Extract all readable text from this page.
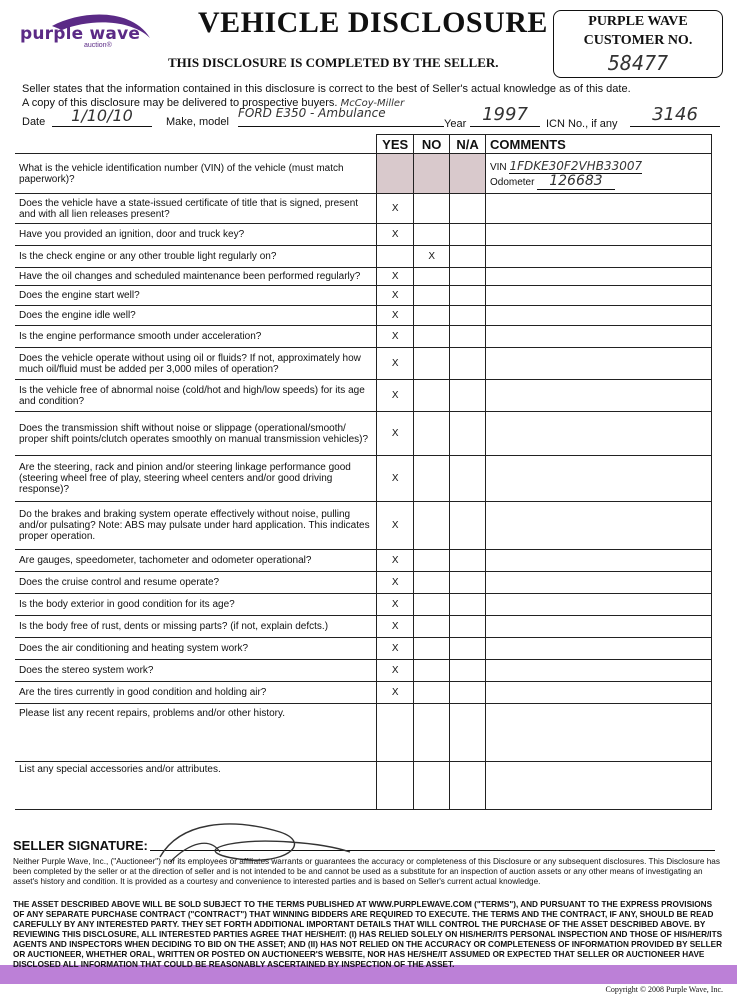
purple wave
auction®
VEHICLE DISCLOSURE
THIS DISCLOSURE IS COMPLETED BY THE SELLER.
PURPLE WAVE
CUSTOMER NO.
58477
Seller states that the information contained in this disclosure is correct to the best of Seller's actual knowledge as of this date.
A copy of this disclosure may be delivered to prospective buyers. McCoy-Miller
Date	1/10/10	Make, model
FORD E350 - Ambulance
Year 1997	ICN No., if any	3146
	YES	NO	N/A	COMMENTS
What is the vehicle identification number (VIN) of the vehicle (must match paperwork)?				VIN 1FDKE30F2VHB33007
Odometer 126683

Does the vehicle have a state-issued certificate of title that is signed, present and with all lien releases present?	X			
Have you provided an ignition, door and truck key?	X			
Is the check engine or any other trouble light regularly on?		X		
Have the oil changes and scheduled maintenance been performed regularly?	X			
Does the engine start well?	X			
Does the engine idle well?	X			
Is the engine performance smooth under acceleration?	X			
Does the vehicle operate without using oil or fluids? If not, approximately how much oil/fluid must be added per 3,000 miles of operation?	X			
Is the vehicle free of abnormal noise (cold/hot and high/low speeds) for its age and condition?	X			
Does the transmission shift without noise or slippage (operational/smooth/ proper shift points/clutch operates smoothly on manual transmission vehicles)?	X			
Are the steering, rack and pinion and/or steering linkage performance good (steering wheel free of play, steering wheel centers and/or good driving response)?	X			
Do the brakes and braking system operate effectively without noise, pulling and/or pulsating? Note: ABS may pulsate under hard application. This indicates proper operation.	X			
Are gauges, speedometer, tachometer and odometer operational?	X			
Does the cruise control and resume operate?	X			
Is the body exterior in good condition for its age?	X			
Is the body free of rust, dents or missing parts? (if not, explain defcts.)	X			
Does the air conditioning and heating system work?	X			
Does the stereo system work?	X			
Are the tires currently in good condition and holding air?	X			
Please list any recent repairs, problems and/or other history.				
List any special accessories and/or attributes.				
SELLER SIGNATURE:
Neither Purple Wave, Inc., ("Auctioneer") nor its employees or affiliates warrants or guarantees the accuracy or completeness of this Disclosure or any subsequent disclosures. This Disclosure has been completed by the seller or at the direction of seller and is not intended to be and cannot be used as a substitute for an inspection of auction assets or any other means of investigating an asset's history and condition. It is provided as a courtesy and convenience to interested parties and is based on Seller's current actual knowledge.
THE ASSET DESCRIBED ABOVE WILL BE SOLD SUBJECT TO THE TERMS PUBLISHED AT WWW.PURPLEWAVE.COM ("TERMS"), AND PURSUANT TO THE EXPRESS PROVISIONS OF ANY SEPARATE PURCHASE CONTRACT ("CONTRACT") THAT WINNING BIDDERS ARE REQUIRED TO EXECUTE. THE TERMS AND THE CONTRACT, IF ANY, SHOULD BE READ CAREFULLY BY ANY INTERESTED PARTY. THEY SET FORTH ADDITIONAL IMPORTANT DETAILS THAT WILL CONTROL THE PURCHASE OF THE ASSET DESCRIBED ABOVE. BY REVIEWING THIS DISCLOSURE, ALL INTERESTED PARTIES AGREE THAT HE/SHE/IT: (I) HAS RELIED SOLELY ON HIS/HER/ITS PERSONAL INSPECTION AND THOSE OF HIS/HER/ITS AGENTS AND INSPECTORS WHEN DECIDING TO BID ON THE ASSET; AND (II) HAS NOT RELIED ON THE ACCURACY OR COMPLETENESS OF INFORMATION PROVIDED BY SELLER OR AUCTIONEER, WHETHER ORAL, WRITTEN OR POSTED ON AUCTIONEER'S WEBSITE, NOR HAS HE/SHE/IT ASSUMED OR EXPECTED THAT SELLER OR AUCTIONEER HAVE DISCLOSED ALL INFORMATION THAT COULD BE REASONABLY ASCERTAINED BY INSPECTION OF THE ASSET.
Copyright © 2008 Purple Wave, Inc.
